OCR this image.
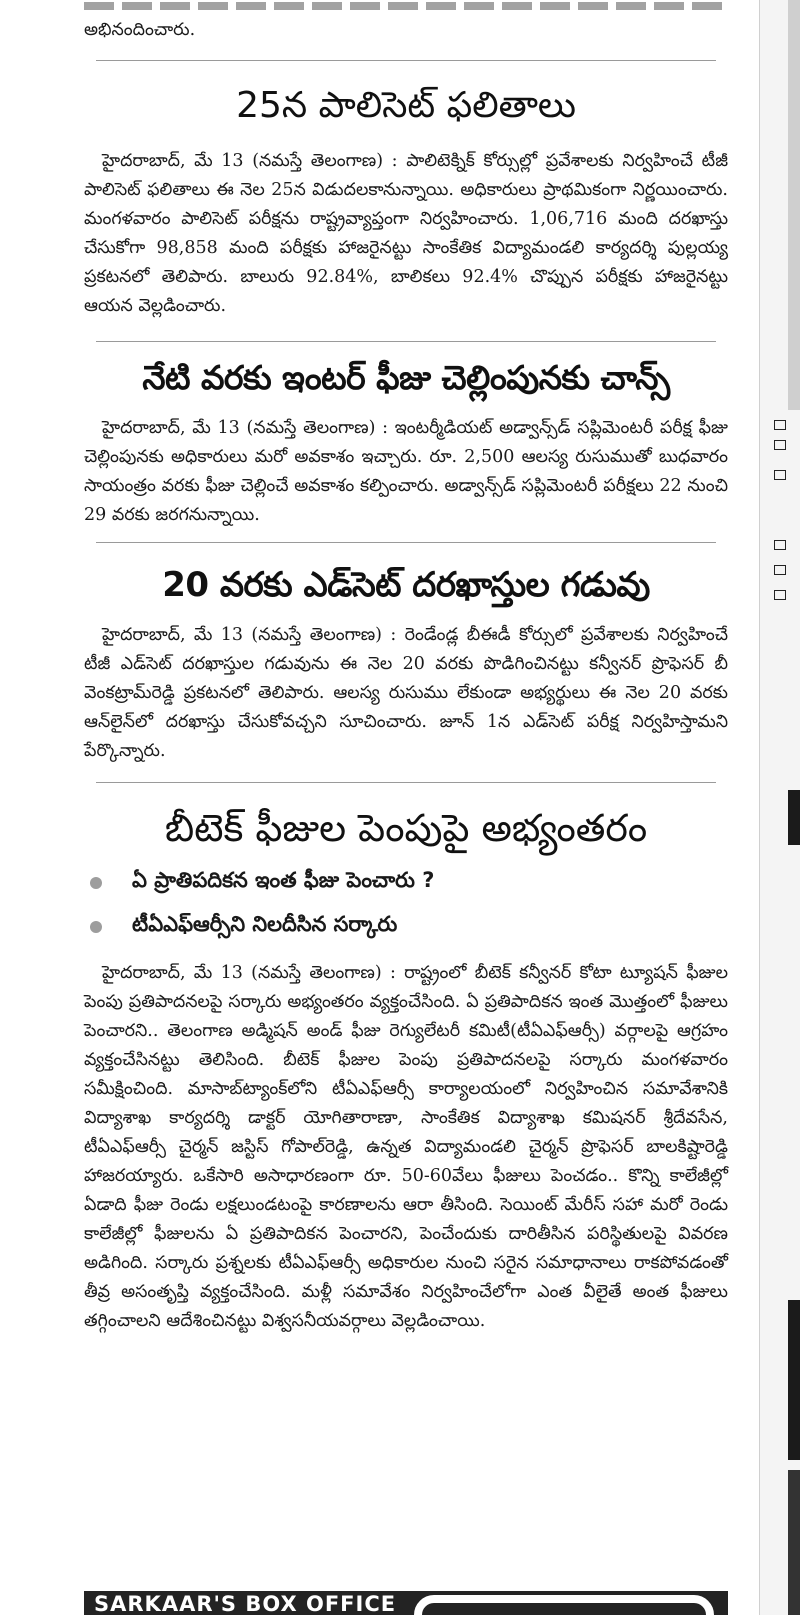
అభినందించారు.

25న పాలిసెట్ ఫలితాలు

హైదరాబాద్, మే 13 (నమస్తే తెలంగాణ) : పాలిటెక్నిక్ కోర్సుల్లో ప్రవేశాలకు నిర్వహించే టీజీ పాలిసెట్ ఫలితాలు ఈ నెల 25న విడుదలకానున్నాయి. అధికారులు ప్రాథమికంగా నిర్ణయించారు. మంగళవారం పాలిసెట్ పరీక్షను రాష్ట్రవ్యాప్తంగా నిర్వహించారు. 1,06,716 మంది దరఖాస్తు చేసుకోగా 98,858 మంది పరీక్షకు హాజరైనట్టు సాంకేతిక విద్యామండలి కార్యదర్శి పుల్లయ్య ప్రకటనలో తెలిపారు. బాలురు 92.84%, బాలికలు 92.4% చొప్పున పరీక్షకు హాజరైనట్టు ఆయన వెల్లడించారు.

నేటి వరకు ఇంటర్ ఫీజు చెల్లింపునకు చాన్స్

హైదరాబాద్, మే 13 (నమస్తే తెలంగాణ) : ఇంటర్మీడియట్ అడ్వాన్స్‌డ్ సప్లిమెంటరీ పరీక్ష ఫీజు చెల్లింపునకు అధికారులు మరో అవకాశం ఇచ్చారు. రూ. 2,500 ఆలస్య రుసుముతో బుధవారం సాయంత్రం వరకు ఫీజు చెల్లించే అవకాశం కల్పించారు. అడ్వాన్స్‌డ్ సప్లిమెంటరీ పరీక్షలు 22 నుంచి 29 వరకు జరగనున్నాయి.

20 వరకు ఎడ్‌సెట్ దరఖాస్తుల గడువు

హైదరాబాద్, మే 13 (నమస్తే తెలంగాణ) : రెండేండ్ల బీఈడీ కోర్సులో ప్రవేశాలకు నిర్వహించే టీజీ ఎడ్‌సెట్ దరఖాస్తుల గడువును ఈ నెల 20 వరకు పొడిగించినట్టు కన్వీనర్ ప్రొఫెసర్ బీ వెంకట్రామ్‌రెడ్డి ప్రకటనలో తెలిపారు. ఆలస్య రుసుము లేకుండా అభ్యర్థులు ఈ నెల 20 వరకు ఆన్‌లైన్‌లో దరఖాస్తు చేసుకోవచ్చని సూచించారు. జూన్ 1న ఎడ్‌సెట్ పరీక్ష నిర్వహిస్తామని పేర్కొన్నారు.

బీటెక్ ఫీజుల పెంపుపై అభ్యంతరం
ఏ ప్రాతిపదికన ఇంత ఫీజు పెంచారు ?
టీఏఎఫ్ఆర్సీని నిలదీసిన సర్కారు

హైదరాబాద్, మే 13 (నమస్తే తెలంగాణ) : రాష్ట్రంలో బీటెక్ కన్వీనర్ కోటా ట్యూషన్ ఫీజుల పెంపు ప్రతిపాదనలపై సర్కారు అభ్యంతరం వ్యక్తంచేసింది. ఏ ప్రతిపాదికన ఇంత మొత్తంలో ఫీజులు పెంచారని.. తెలంగాణ అడ్మిషన్ అండ్ ఫీజు రెగ్యులేటరీ కమిటీ(టీఏఎఫ్ఆర్సీ) వర్గాలపై ఆగ్రహం వ్యక్తంచేసినట్టు తెలిసింది. బీటెక్ ఫీజుల పెంపు ప్రతిపాదనలపై సర్కారు మంగళవారం సమీక్షించింది. మాసాబ్‌ట్యాంక్‌లోని టీఏఎఫ్ఆర్సీ కార్యాలయంలో నిర్వహించిన సమావేశానికి విద్యాశాఖ కార్యదర్శి డాక్టర్ యోగితారాణా, సాంకేతిక విద్యాశాఖ కమిషనర్ శ్రీదేవసేన, టీఏఎఫ్ఆర్సీ చైర్మన్ జస్టిస్ గోపాల్‌రెడ్డి, ఉన్నత విద్యామండలి చైర్మన్ ప్రొఫెసర్ బాలకిష్టారెడ్డి హాజరయ్యారు. ఒకేసారి అసాధారణంగా రూ. 50-60వేలు ఫీజులు పెంచడం.. కొన్ని కాలేజీల్లో ఏడాది ఫీజు రెండు లక్షలుండటంపై కారణాలను ఆరా తీసింది. సెయింట్ మేరీస్ సహా మరో రెండు కాలేజీల్లో ఫీజులను ఏ ప్రతిపాదికన పెంచారని, పెంచేందుకు దారితీసిన పరిస్థితులపై వివరణ అడిగింది. సర్కారు ప్రశ్నలకు టీఏఎఫ్ఆర్సీ అధికారుల నుంచి సరైన సమాధానాలు రాకపోవడంతో తీవ్ర అసంతృప్తి వ్యక్తంచేసింది. మళ్లీ సమావేశం నిర్వహించేలోగా ఎంత వీలైతే అంత ఫీజులు తగ్గించాలని ఆదేశించినట్టు విశ్వసనీయవర్గాలు వెల్లడించాయి.

SARKAAR'S BOX OFFICE
